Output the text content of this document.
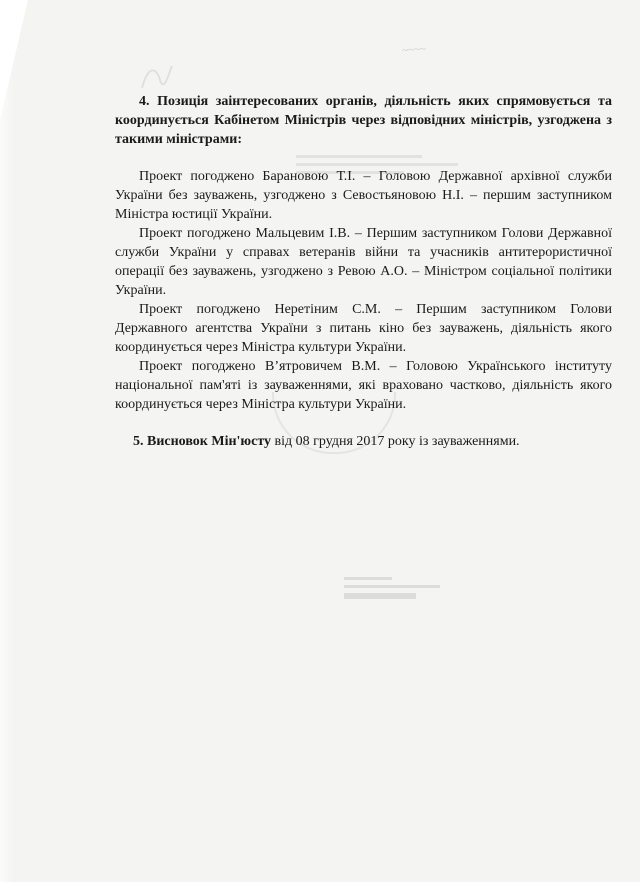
~~~~

4. Позиція заінтересованих органів, діяльність яких спрямовується та координується Кабінетом Міністрів через відповідних міністрів, узгоджена з такими міністрами:

Проект погоджено Барановою Т.І. – Головою Державної архівної служби України без зауважень, узгоджено з Севостьяновою Н.І. – першим заступником Міністра юстиції України.

Проект погоджено Мальцевим І.В. – Першим заступником Голови Державної служби України у справах ветеранів війни та учасників антитерористичної операції без зауважень, узгоджено з Ревою А.О. – Міністром соціальної політики України.

Проект погоджено Неретіним С.М. – Першим заступником Голови Державного агентства України з питань кіно без зауважень, діяльність якого координується через Міністра культури України.

Проект погоджено В’ятровичем В.М. – Головою Українського інституту національної пам'яті із зауваженнями, які враховано частково, діяльність якого координується через Міністра культури України.

5. Висновок Мін'юсту від 08 грудня 2017 року із зауваженнями.
